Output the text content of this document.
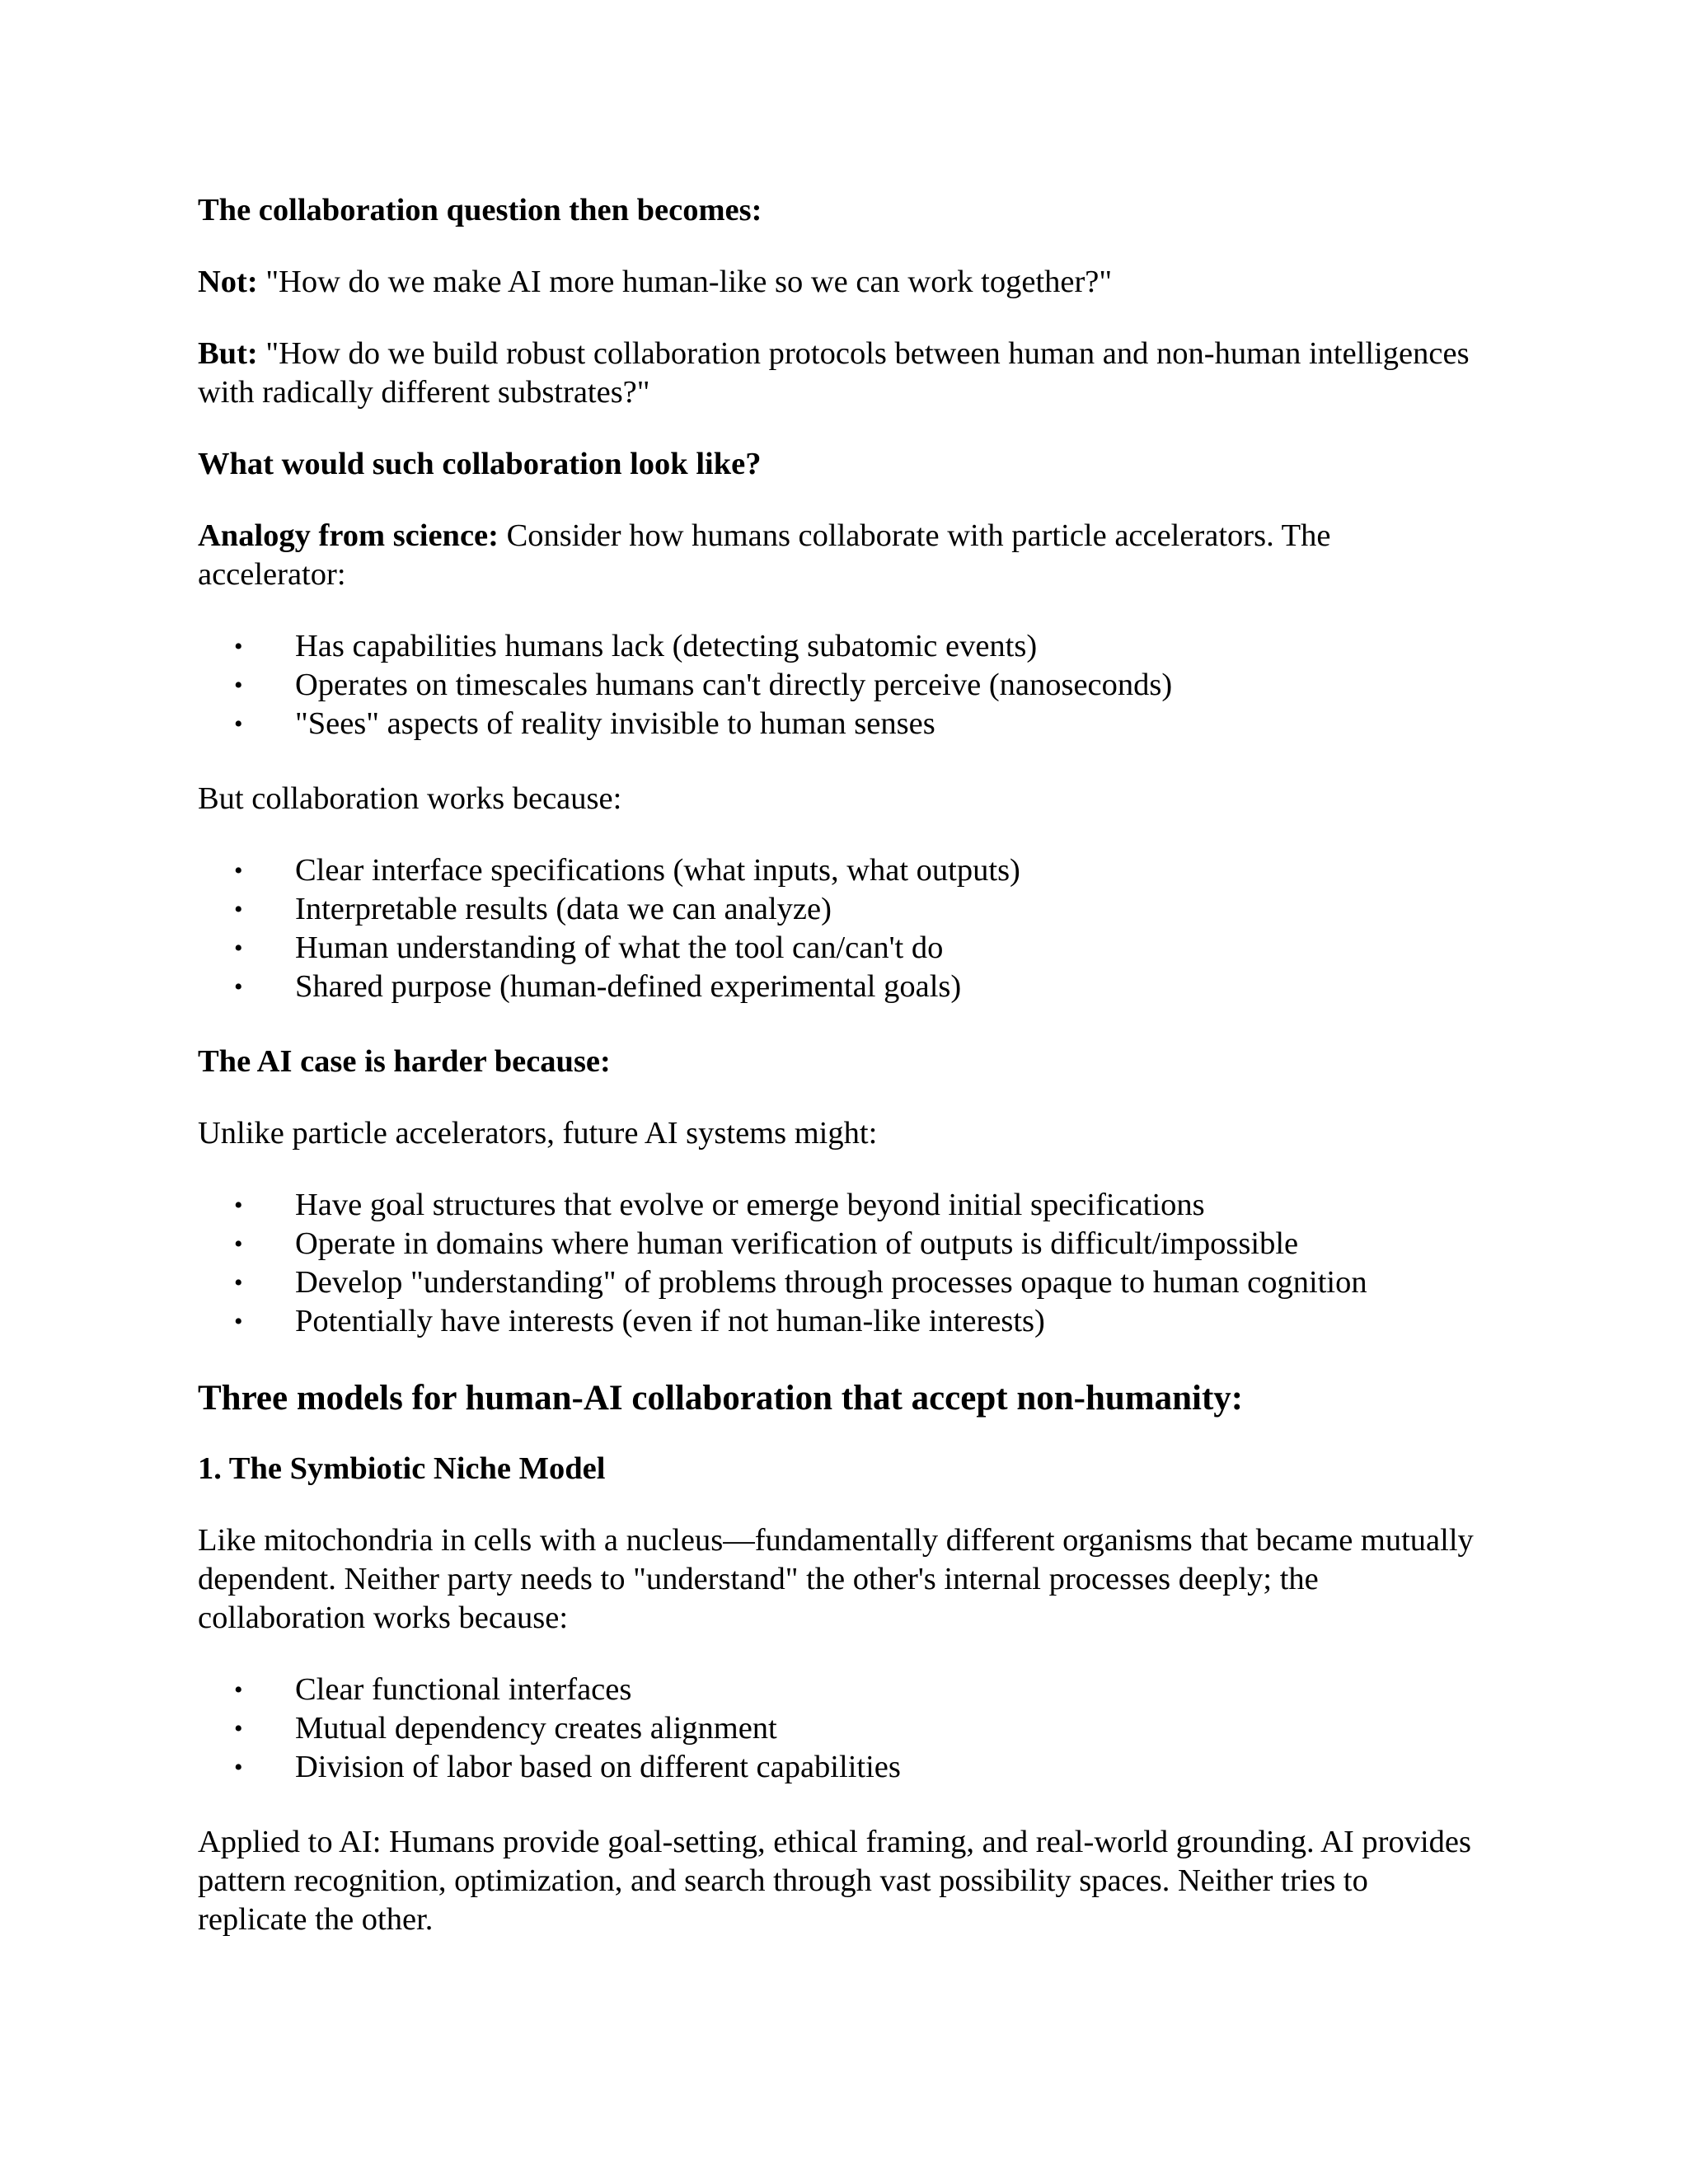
The collaboration question then becomes:

Not: "How do we make AI more human-like so we can work together?"

But: "How do we build robust collaboration protocols between human and non-human intelligences with radically different substrates?"

What would such collaboration look like?

Analogy from science: Consider how humans collaborate with particle accelerators. The accelerator:

• Has capabilities humans lack (detecting subatomic events)
• Operates on timescales humans can't directly perceive (nanoseconds)
• "Sees" aspects of reality invisible to human senses

But collaboration works because:

• Clear interface specifications (what inputs, what outputs)
• Interpretable results (data we can analyze)
• Human understanding of what the tool can/can't do
• Shared purpose (human-defined experimental goals)

The AI case is harder because:

Unlike particle accelerators, future AI systems might:

• Have goal structures that evolve or emerge beyond initial specifications
• Operate in domains where human verification of outputs is difficult/impossible
• Develop "understanding" of problems through processes opaque to human cognition
• Potentially have interests (even if not human-like interests)
Three models for human-AI collaboration that accept non-humanity:
1. The Symbiotic Niche Model

Like mitochondria in cells with a nucleus—fundamentally different organisms that became mutually dependent. Neither party needs to "understand" the other's internal processes deeply; the collaboration works because:

• Clear functional interfaces
• Mutual dependency creates alignment
• Division of labor based on different capabilities

Applied to AI: Humans provide goal-setting, ethical framing, and real-world grounding. AI provides pattern recognition, optimization, and search through vast possibility spaces. Neither tries to replicate the other.
